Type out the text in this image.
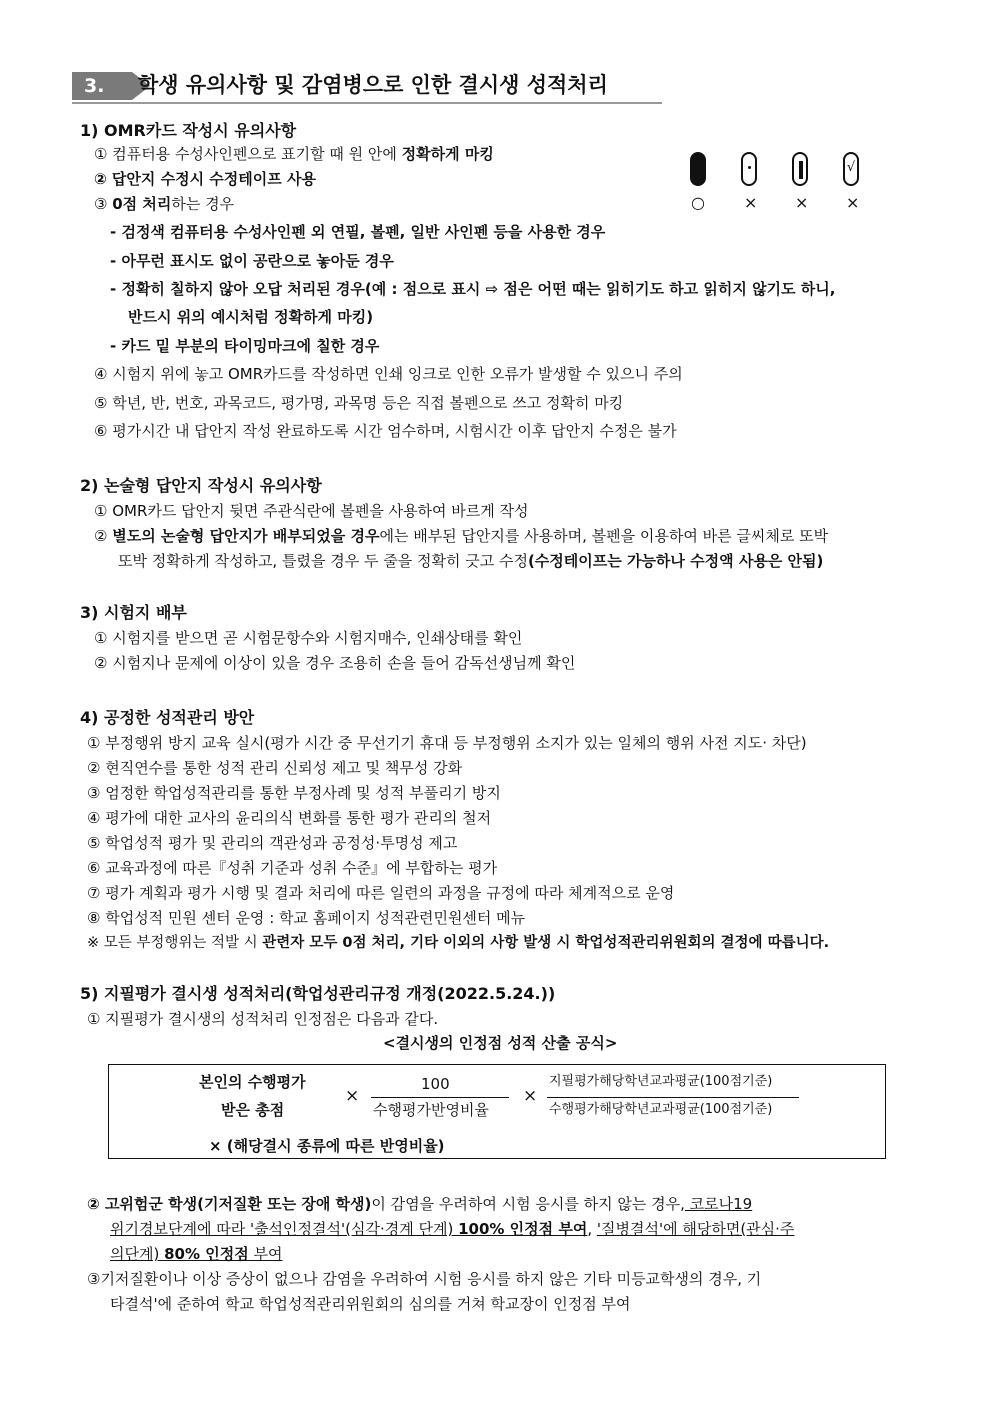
3.	학생 유의사항 및 감염병으로 인한 결시생 성적처리
1) OMR카드 작성시 유의사항
① 컴퓨터용 수성사인펜으로 표기할 때 원 안에 정확하게 마킹
② 답안지 수정시 수정테이프 사용
③ 0점 처리하는 경우
- 검정색 컴퓨터용 수성사인펜 외 연필, 볼펜, 일반 사인펜 등을 사용한 경우
- 아무런 표시도 없이 공란으로 놓아둔 경우
- 정확히 칠하지 않아 오답 처리된 경우(예 : 점으로 표시 ⇨ 점은 어떤 때는 읽히기도 하고 읽히지 않기도 하니,
반드시 위의 예시처럼 정확하게 마킹)
- 카드 밑 부분의 타이밍마크에 칠한 경우
④ 시험지 위에 놓고 OMR카드를 작성하면 인쇄 잉크로 인한 오류가 발생할 수 있으니 주의
⑤ 학년, 반, 번호, 과목코드, 평가명, 과목명 등은 직접 볼펜으로 쓰고 정확히 마킹
⑥ 평가시간 내 답안지 작성 완료하도록 시간 엄수하며, 시험시간 이후 답안지 수정은 불가
√
○ × × ×
2) 논술형 답안지 작성시 유의사항
① OMR카드 답안지 뒷면 주관식란에 볼펜을 사용하여 바르게 작성
② 별도의 논술형 답안지가 배부되었을 경우에는 배부된 답안지를 사용하며, 볼펜을 이용하여 바른 글씨체로 또박
또박 정확하게 작성하고, 틀렸을 경우 두 줄을 정확히 긋고 수정(수정테이프는 가능하나 수정액 사용은 안됨)
3) 시험지 배부
① 시험지를 받으면 곧 시험문항수와 시험지매수, 인쇄상태를 확인
② 시험지나 문제에 이상이 있을 경우 조용히 손을 들어 감독선생님께 확인
4) 공정한 성적관리 방안
① 부정행위 방지 교육 실시(평가 시간 중 무선기기 휴대 등 부정행위 소지가 있는 일체의 행위 사전 지도· 차단)
② 현직연수를 통한 성적 관리 신뢰성 제고 및 책무성 강화
③ 엄정한 학업성적관리를 통한 부정사례 및 성적 부풀리기 방지
④ 평가에 대한 교사의 윤리의식 변화를 통한 평가 관리의 철저
⑤ 학업성적 평가 및 관리의 객관성과 공정성·투명성 제고
⑥ 교육과정에 따른『성취 기준과 성취 수준』에 부합하는 평가
⑦ 평가 계획과 평가 시행 및 결과 처리에 따른 일련의 과정을 규정에 따라 체계적으로 운영
⑧ 학업성적 민원 센터 운영 : 학교 홈페이지 성적관련민원센터 메뉴
※ 모든 부정행위는 적발 시 관련자 모두 0점 처리, 기타 이외의 사항 발생 시 학업성적관리위원회의 결정에 따릅니다.
5) 지필평가 결시생 성적처리(학업성관리규정 개정(2022.5.24.))
① 지필평가 결시생의 성적처리 인정점은 다음과 같다.
<결시생의 인정점 성적 산출 공식>
본인의 수행평가
받은 총점
×
100
수행평가반영비율
×
지필평가해당학년교과평균(100점기준)
수행평가해당학년교과평균(100점기준)
× (해당결시 종류에 따른 반영비율)
② 고위험군 학생(기저질환 또는 장애 학생)이 감염을 우려하여 시험 응시를 하지 않는 경우, 코로나19
위기경보단계에 따라 '출석인정결석'(심각·경계 단계) 100% 인정점 부여, '질병결석'에 해당하면(관심·주
의단계) 80% 인정점 부여
③기저질환이나 이상 증상이 없으나 감염을 우려하여 시험 응시를 하지 않은 기타 미등교학생의 경우, 기
타결석'에 준하여 학교 학업성적관리위원회의 심의를 거쳐 학교장이 인정점 부여
